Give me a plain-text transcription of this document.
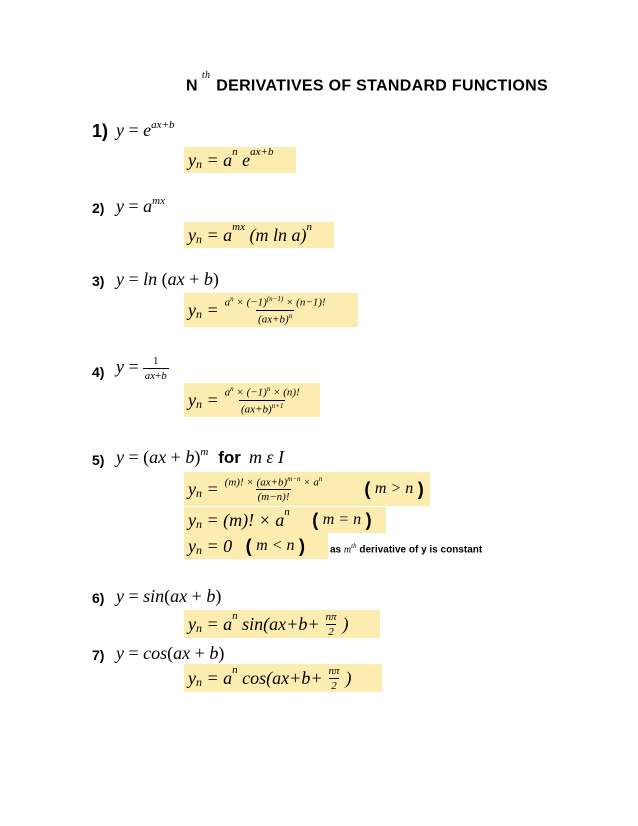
$N^{th}DERIVATIVES$ OF STANDARD FUNCTIONS
1) $y = e^{ax+b}$
$y_n$
= $a^n$ $e^{ax+b}$
2) $y = a^{mx}$
$y_n$
= $a^{mx}$
( m ln a )$^n$
3) y = ln (ax + b)
$y_n$
= $\frac{a^n \times (-1)^{(n-1)} \times (n-1)!}{(ax+b)^n}$
4) $y = \frac{1}{ax+b}$
$y_n$
= $\frac{a^n \times (-1)^n \times (n)!}{(ax+b)^{n+1}}$
5) y = (ax + b)$^m$ for m ε I
$y_n$
= $\frac{(m)! \times (ax+b)^{m-n} \times a^n}{(m-n)!}$
(
m > n
)
$y_n$
= ( m )! × $a^n$
(
m = n
)
$y_n$
= 0
(
m < n
) as $m^{th}$ derivative of y is constant
6) y = sin(ax + b)
$y_n$
= $a^n$ sin ( ax + $b + \frac{n\pi}{2}$ )
7) y = cos(ax + b)
$y_n$
= $a^n$ cos ( ax + $b + \frac{n\pi}{2}$ )
